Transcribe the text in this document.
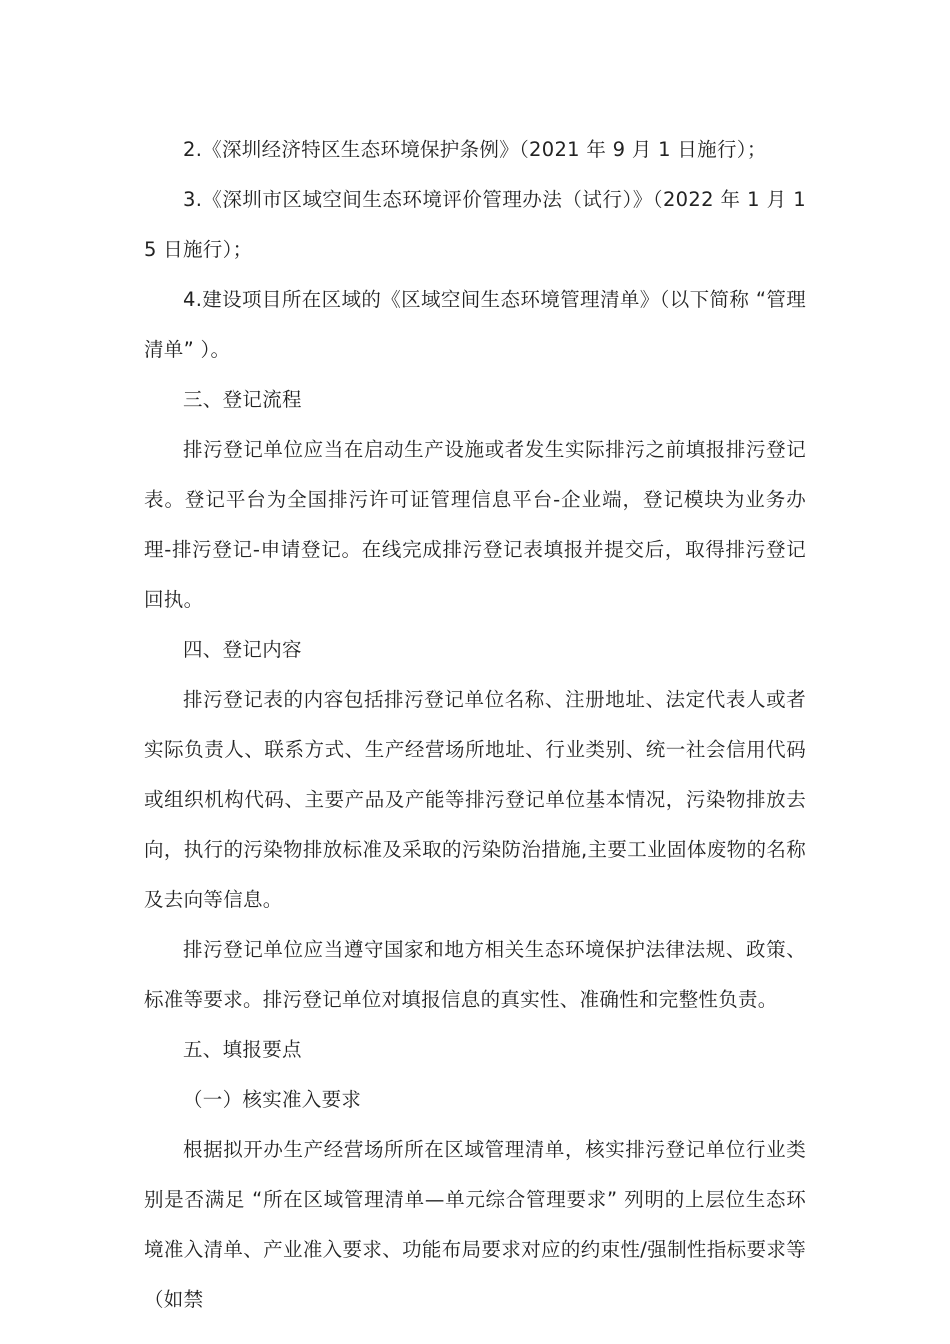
2.《深圳经济特区生态环境保护条例》（2021 年 9 月 1 日施行）；

3.《深圳市区域空间生态环境评价管理办法（试行）》（2022 年 1 月 15 日施行）；

4.建设项目所在区域的《区域空间生态环境管理清单》（以下简称 “管理清单” ）。

三、登记流程

排污登记单位应当在启动生产设施或者发生实际排污之前填报排污登记表。登记平台为全国排污许可证管理信息平台-企业端，登记模块为业务办理-排污登记-申请登记。在线完成排污登记表填报并提交后，取得排污登记回执。

四、登记内容

排污登记表的内容包括排污登记单位名称、注册地址、法定代表人或者实际负责人、联系方式、生产经营场所地址、行业类别、统一社会信用代码或组织机构代码、主要产品及产能等排污登记单位基本情况，污染物排放去向，执行的污染物排放标准及采取的污染防治措施,主要工业固体废物的名称及去向等信息。

排污登记单位应当遵守国家和地方相关生态环境保护法律法规、政策、标准等要求。排污登记单位对填报信息的真实性、准确性和完整性负责。

五、填报要点

（一）核实准入要求

根据拟开办生产经营场所所在区域管理清单，核实排污登记单位行业类别是否满足 “所在区域管理清单—单元综合管理要求” 列明的上层位生态环境准入清单、产业准入要求、功能布局要求对应的约束性/强制性指标要求等（如禁
